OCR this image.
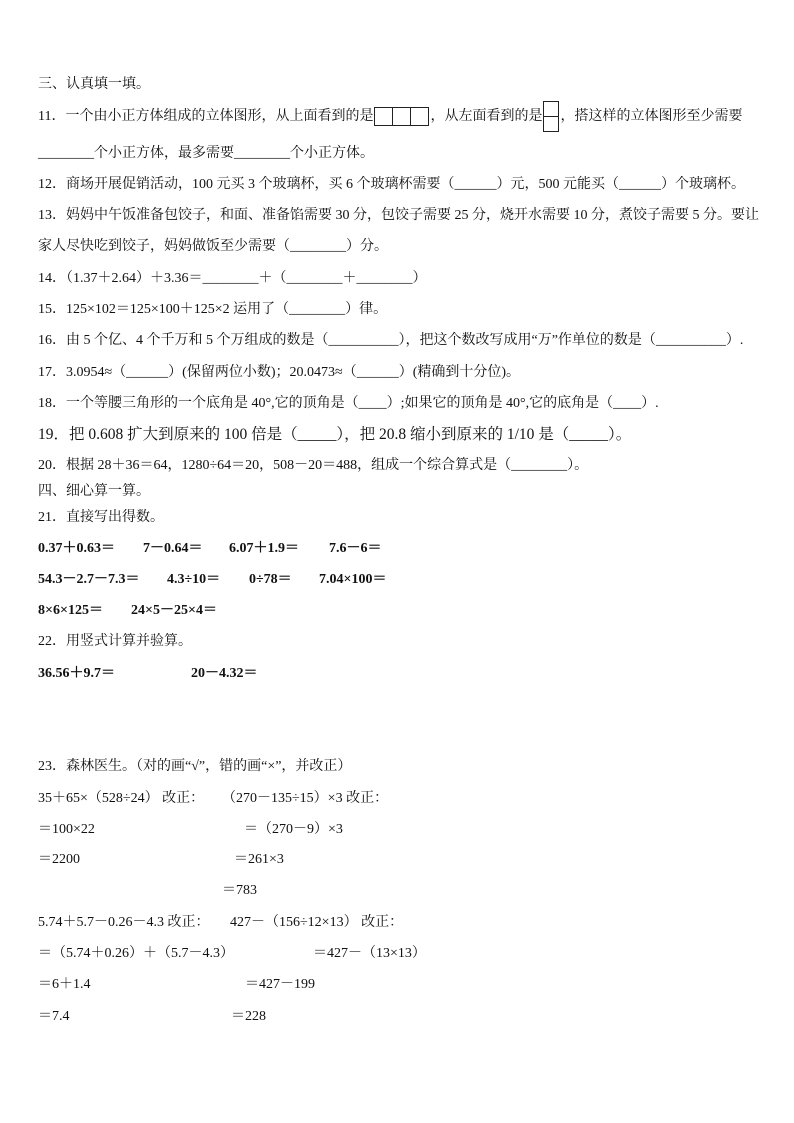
三、认真填一填。
11．一个由小正方体组成的立体图形，从上面看到的是	，从左面看到的是 ，搭这样的立体图形至少需要
________个小正方体，最多需要________个小正方体。
12．商场开展促销活动，100 元买 3 个玻璃杯，买 6 个玻璃杯需要（______）元，500 元能买（______）个玻璃杯。
13．妈妈中午饭准备包饺子，和面、准备馅需要 30 分，包饺子需要 25 分，烧开水需要 10 分，煮饺子需要 5 分。要让
家人尽快吃到饺子，妈妈做饭至少需要（________）分。
14．（1.37＋2.64）＋3.36＝________＋（________＋________）
15．125×102＝125×100＋125×2 运用了（________）律。
16．由 5 个亿、4 个千万和 5 个万组成的数是（__________），把这个数改写成用“万”作单位的数是（__________）.
17．3.0954≈（______）(保留两位小数)；20.0473≈（______）(精确到十分位)。
18．一个等腰三角形的一个底角是 40°,它的顶角是（____）;如果它的顶角是 40°,它的底角是（____）.
19．把 0.608 扩大到原来的 100 倍是（_____），把 20.8 缩小到原来的 1/10 是（_____）。
20．根据 28＋36＝64，1280÷64＝20，508－20＝488，组成一个综合算式是（________）。
四、细心算一算。
21．直接写出得数。
0.37＋0.63＝ 7－0.64＝ 6.07＋1.9＝ 7.6－6＝
54.3－2.7－7.3＝ 4.3÷10＝ 0÷78＝ 7.04×100＝
8×6×125＝ 24×5－25×4＝
22．用竖式计算并验算。
36.56＋9.7＝	20－4.32＝
23．森林医生。（对的画“√”，错的画“×”，并改正）
35＋65×（528÷24） 改正：
＝100×22
＝2200
（270－135÷15）×3 改正：
＝（270－9）×3
＝261×3
＝783
5.74＋5.7－0.26－4.3 改正：
＝（5.74＋0.26）＋（5.7－4.3）
＝6＋1.4
＝7.4
427－（156÷12×13） 改正：
＝427－（13×13）
＝427－199
＝228
